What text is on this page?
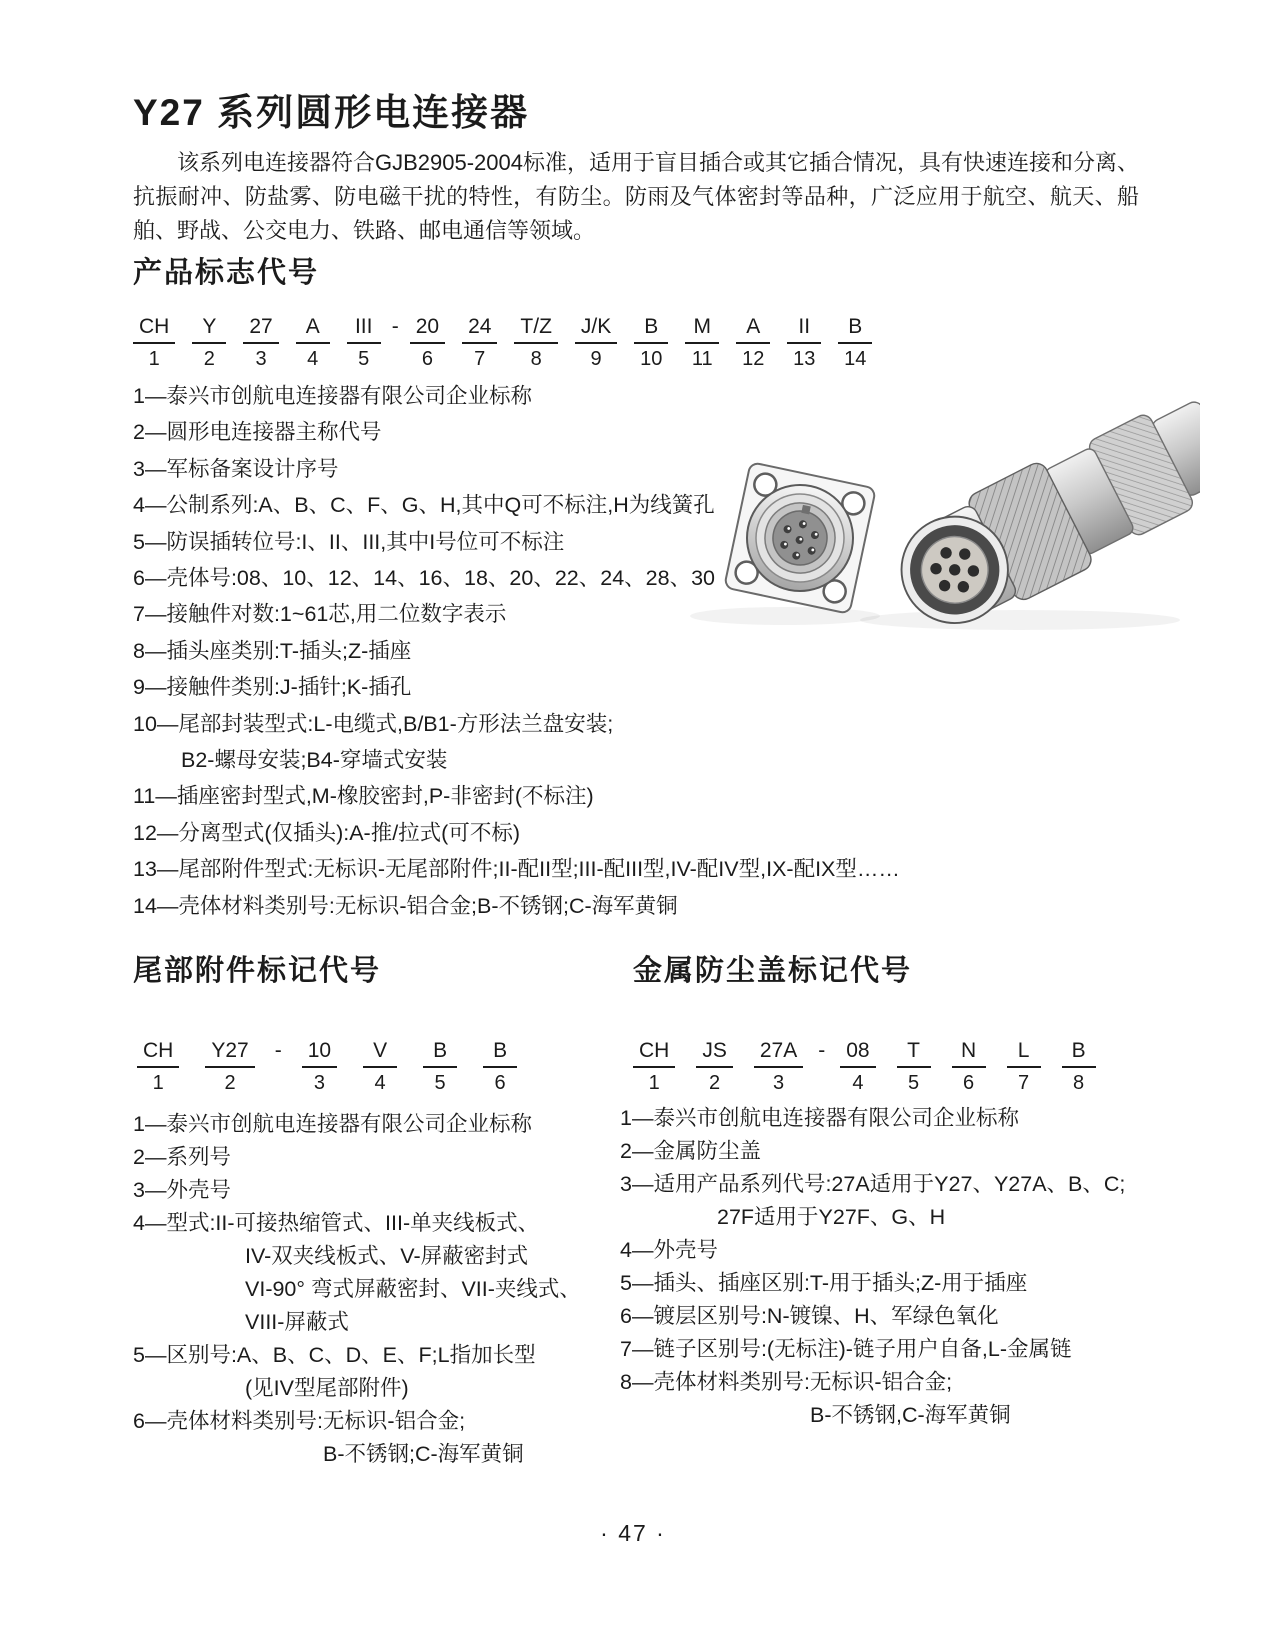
Y27 系列圆形电连接器
该系列电连接器符合GJB2905-2004标准，适用于盲目插合或其它插合情况，具有快速连接和分离、抗振耐冲、防盐雾、防电磁干扰的特性，有防尘。防雨及气体密封等品种，广泛应用于航空、航天、船舶、野战、公交电力、铁路、邮电通信等领域。
产品标志代号
CH
1
Y
2
27
3
A
4
III
5
- 20
6
24
7
T/Z
8
J/K
9
B
10
M
11
A
12
II
13
B
14
1—泰兴市创航电连接器有限公司企业标称
2—圆形电连接器主称代号
3—军标备案设计序号
4—公制系列:A、B、C、F、G、H,其中Q可不标注,H为线簧孔
5—防误插转位号:I、II、III,其中I号位可不标注
6—壳体号:08、10、12、14、16、18、20、22、24、28、30
7—接触件对数:1~61芯,用二位数字表示
8—插头座类别:T-插头;Z-插座
9—接触件类别:J-插针;K-插孔
10—尾部封装型式:L-电缆式,B/B1-方形法兰盘安装;
B2-螺母安装;B4-穿墙式安装
11—插座密封型式,M-橡胶密封,P-非密封(不标注)
12—分离型式(仅插头):A-推/拉式(可不标)
13—尾部附件型式:无标识-无尾部附件;II-配II型;III-配III型,IV-配IV型,IX-配IX型……
14—壳体材料类别号:无标识-铝合金;B-不锈钢;C-海军黄铜
尾部附件标记代号
CH
1
Y27
2
- 10
3
V
4
B
5
B
6
1—泰兴市创航电连接器有限公司企业标称
2—系列号
3—外壳号
4—型式:II-可接热缩管式、III-单夹线板式、
IV-双夹线板式、V-屏蔽密封式
VI-90° 弯式屏蔽密封、VII-夹线式、
VIII-屏蔽式
5—区别号:A、B、C、D、E、F;L指加长型
(见IV型尾部附件)
6—壳体材料类别号:无标识-铝合金;
B-不锈钢;C-海军黄铜
金属防尘盖标记代号
CH
1
JS
2
27A
3
- 08
4
T
5
N
6
L
7
B
8
1—泰兴市创航电连接器有限公司企业标称
2—金属防尘盖
3—适用产品系列代号:27A适用于Y27、Y27A、B、C;
27F适用于Y27F、G、H
4—外壳号
5—插头、插座区别:T-用于插头;Z-用于插座
6—镀层区别号:N-镀镍、H、军绿色氧化
7—链子区别号:(无标注)-链子用户自备,L-金属链
8—壳体材料类别号:无标识-铝合金;
B-不锈钢,C-海军黄铜
· 47 ·
